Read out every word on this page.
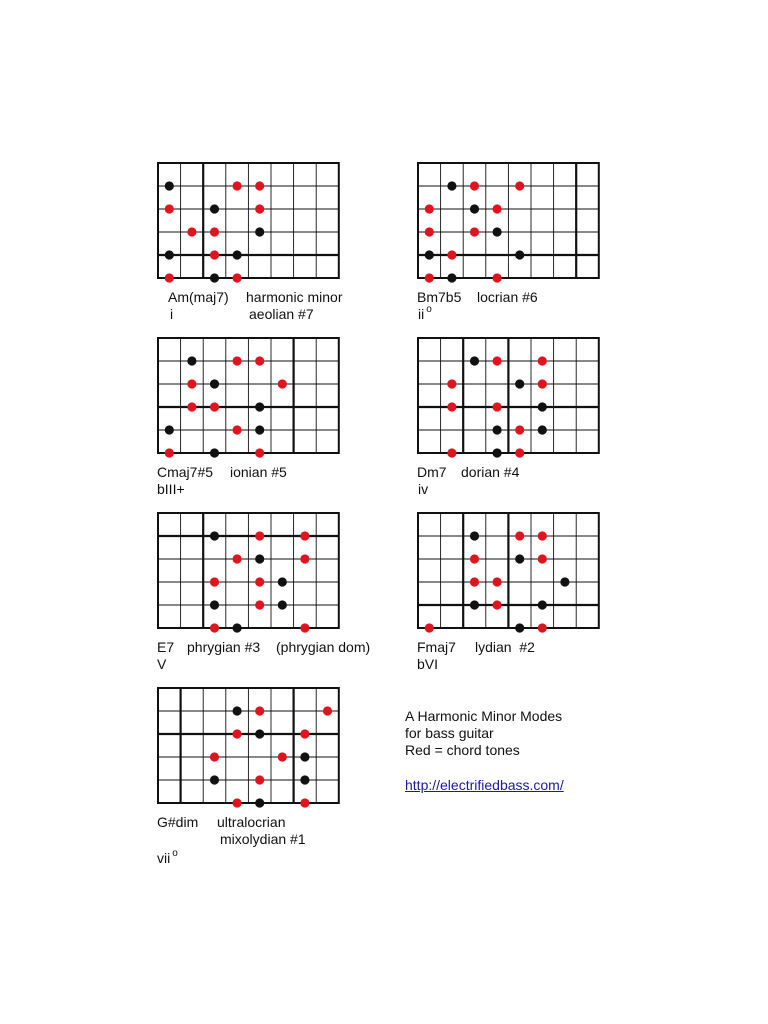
Am(maj7) harmonic minor
i	aeolian #7
Bm7b5 locrian #6
ii $^o$
Cmaj7#5 ionian #5
bIII+
Dm7 dorian #4
iv
E7 phrygian #3 (phrygian dom)
V
Fmaj7 lydian  #2
bVI
G#dim ultralocrian
mixolydian #1
vii $^o$
A Harmonic Minor Modes
for bass guitar
Red = chord tones
http://electrifiedbass.com/
